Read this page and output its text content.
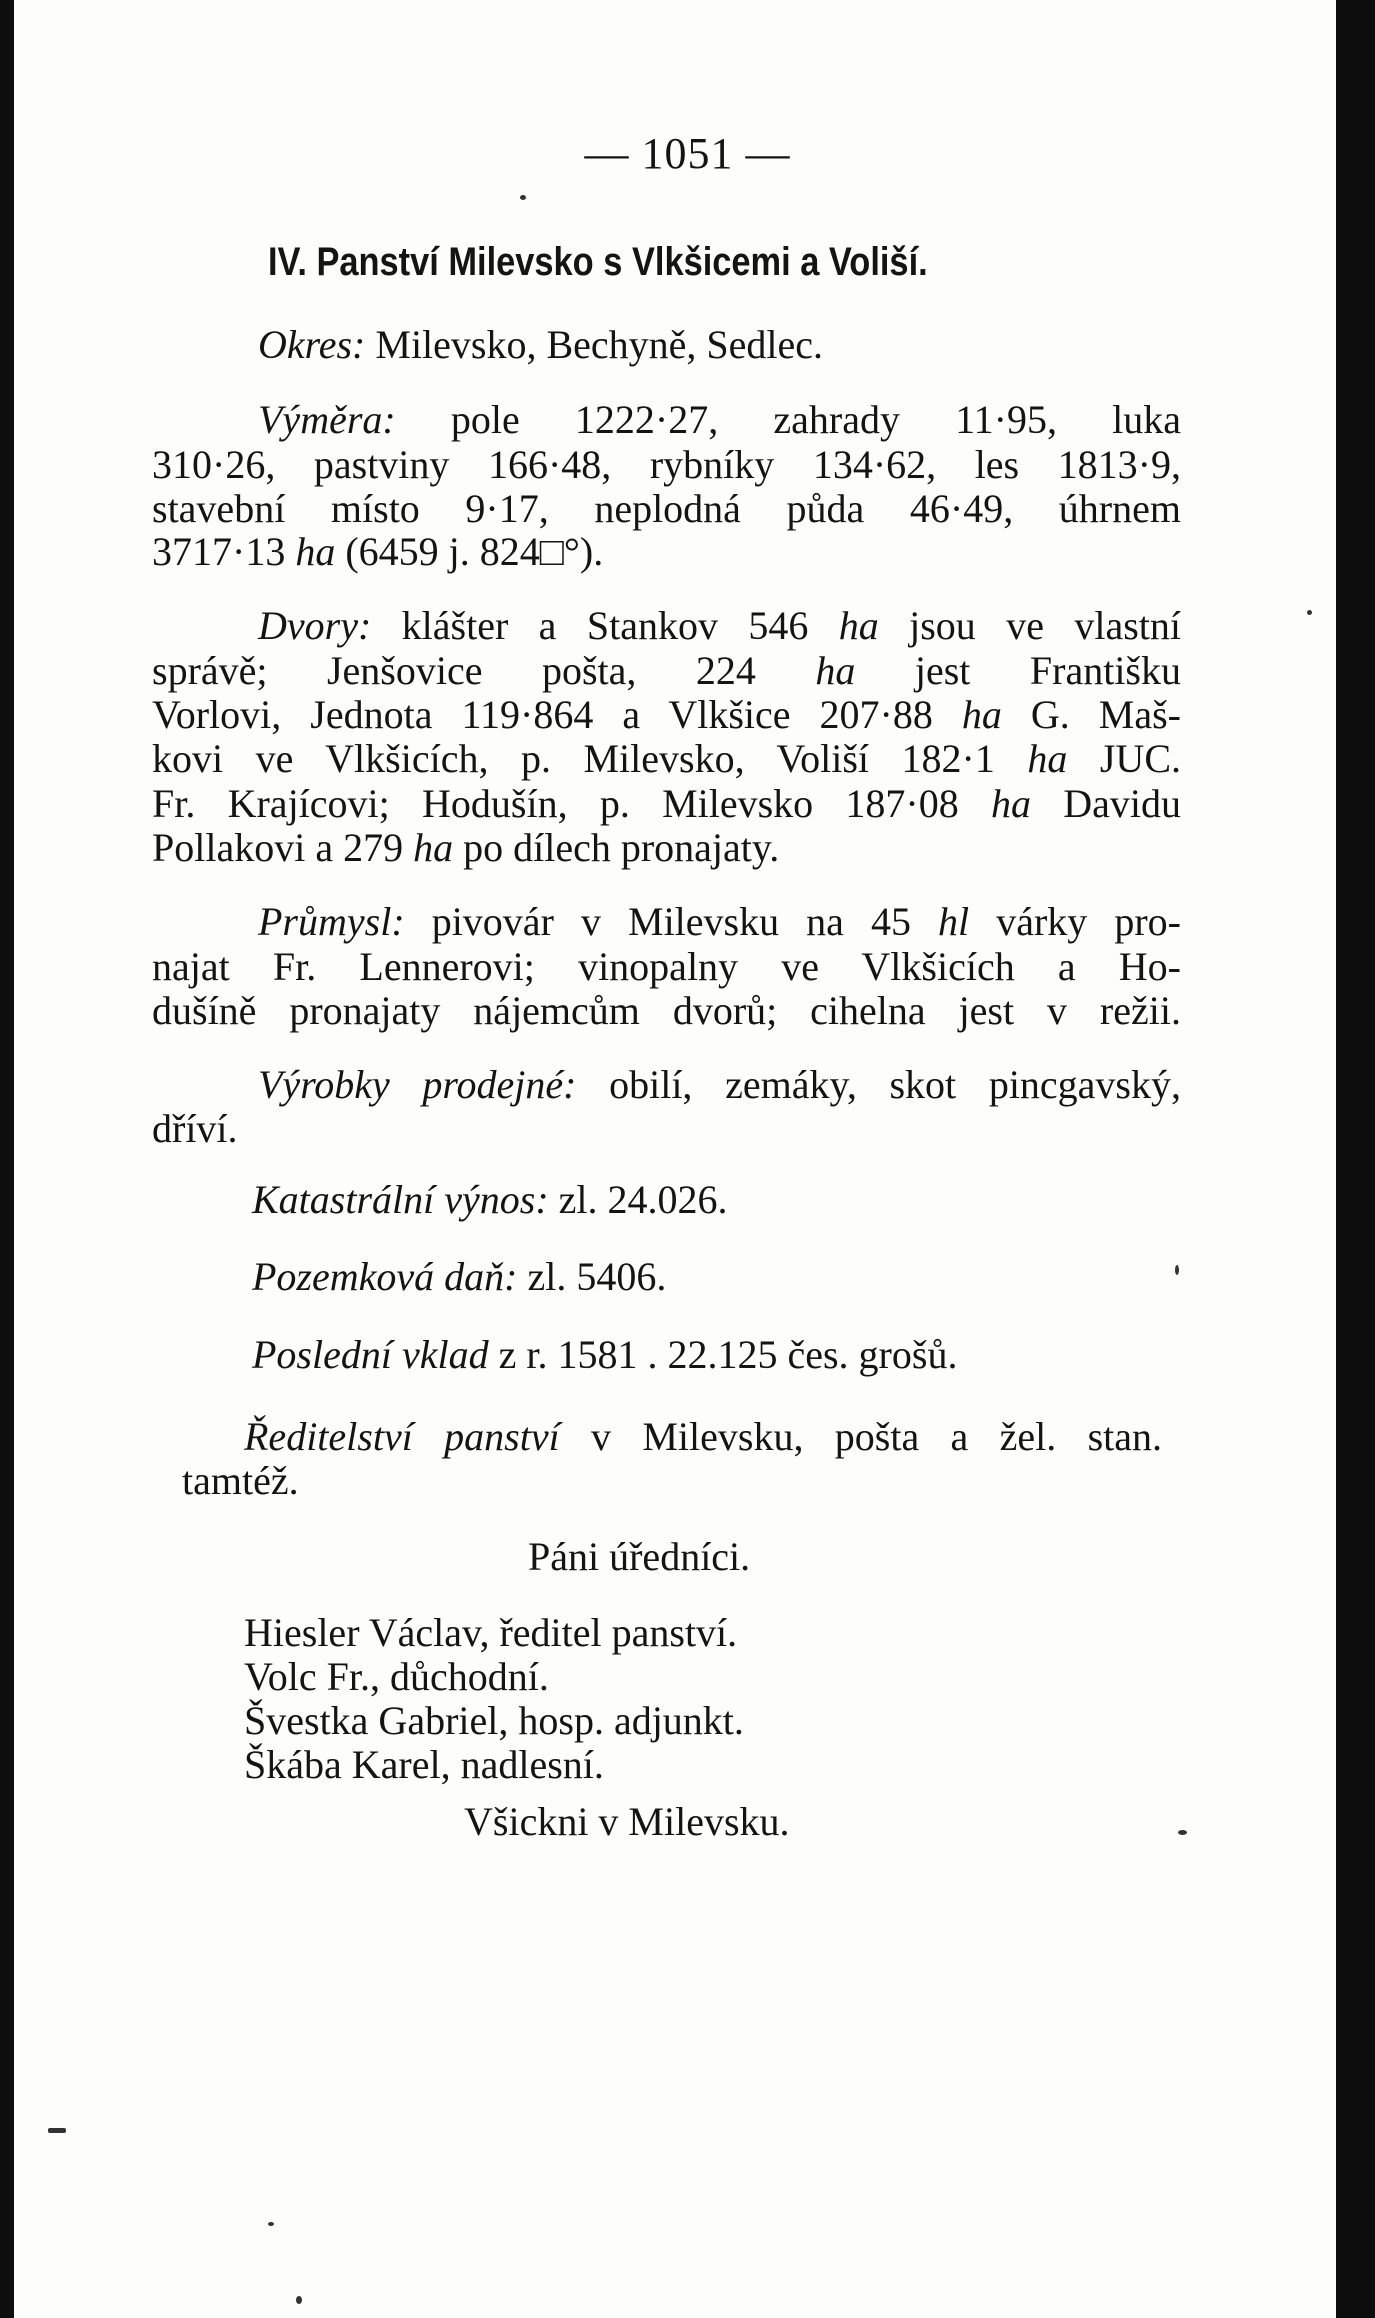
— 1051 —
IV. Panství Milevsko s Vlkšicemi a Voliší.
Okres: Milevsko, Bechyně, Sedlec.
Výměra: pole 1222·27, zahrady 11·95, luka
310·26, pastviny 166·48, rybníky 134·62, les 1813·9,
stavební místo 9·17, neplodná půda 46·49, úhrnem
3717·13 ha (6459 j. 824□°).
Dvory: klášter a Stankov 546 ha jsou ve vlastní
správě; Jenšovice pošta, 224 ha jest Františku
Vorlovi, Jednota 119·864 a Vlkšice 207·88 ha G. Maš-
kovi ve Vlkšicích, p. Milevsko, Voliší 182·1 ha JUC.
Fr. Krajícovi; Hodušín, p. Milevsko 187·08 ha Davidu
Pollakovi a 279 ha po dílech pronajaty.
Průmysl: pivovár v Milevsku na 45 hl várky pro-
najat Fr. Lennerovi; vinopalny ve Vlkšicích a Ho-
dušíně pronajaty nájemcům dvorů; cihelna jest v režii.
Výrobky prodejné: obilí, zemáky, skot pincgavský,
dříví.
Katastrální výnos: zl. 24.026.
Pozemková daň: zl. 5406.
Poslední vklad z r. 1581 . 22.125 čes. grošů.
Ředitelství panství v Milevsku, pošta a žel. stan.
tamtéž.
Páni úředníci.
Hiesler Václav, ředitel panství.
Volc Fr., důchodní.
Švestka Gabriel, hosp. adjunkt.
Škába Karel, nadlesní.
Všickni v Milevsku.
